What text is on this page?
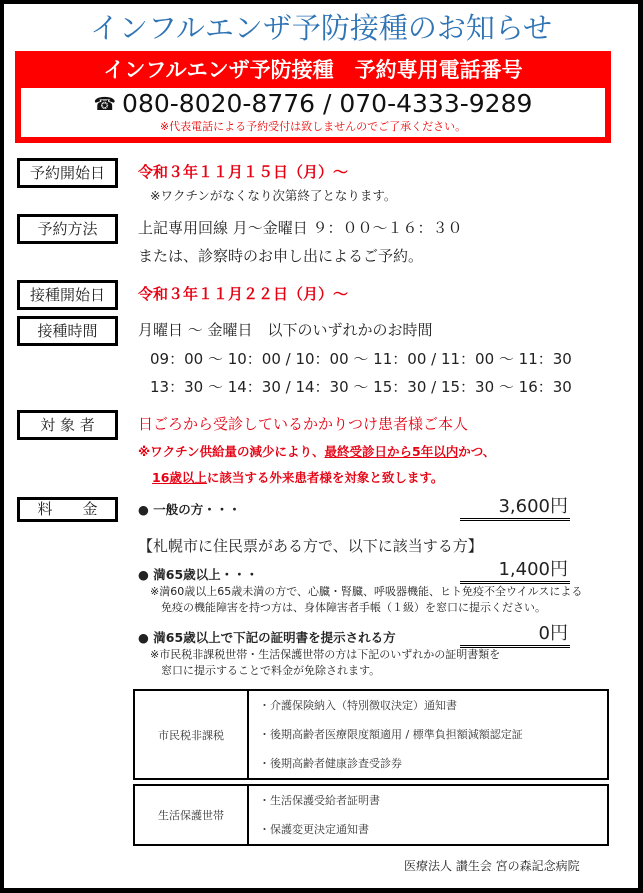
インフルエンザ予防接種のお知らせ
インフルエンザ予防接種　予約専用電話番号
☎ 080-8020-8776 / 070-4333-9289
※代表電話による予約受付は致しませんのでご了承ください。
予約開始日	令和３年１１月１５日（月）～
※ワクチンがなくなり次第終了となります。
予約方法	上記専用回線 月～金曜日 ９：００～１６：３０
または、診察時のお申し出によるご予約。
接種開始日	令和３年１１月２２日（月）～
接種時間	月曜日 ～ 金曜日　以下のいずれかのお時間
09：00 ～ 10：00 / 10：00 ～ 11：00 / 11：00 ～ 11：30
13：30 ～ 14：30 / 14：30 ～ 15：30 / 15：30 ～ 16：30
対 象 者	日ごろから受診しているかかりつけ患者様ご本人
※ワクチン供給量の減少により、最終受診日から5年以内かつ、
16歳以上に該当する外来患者様を対象と致します。
料　　金	● 一般の方・・・	3,600円
【札幌市に住民票がある方で、以下に該当する方】
● 満65歳以上・・・	1,400円
※満60歳以上65歳未満の方で、心臓・腎臓、呼吸器機能、ヒト免疫不全ウイルスによる
免疫の機能障害を持つ方は、身体障害者手帳（１級）を窓口に提示ください。
● 満65歳以上で下記の証明書を提示される方	0円
※市民税非課税世帯・生活保護世帯の方は下記のいずれかの証明書類を
窓口に提示することで料金が免除されます。
市民税非課税	
・介護保険納入（特別徴収決定）通知書
・後期高齢者医療限度額適用 / 標準負担額減額認定証
・後期高齢者健康診査受診券
生活保護世帯	
・生活保護受給者証明書
・保護変更決定通知書
医療法人 讃生会 宮の森記念病院
